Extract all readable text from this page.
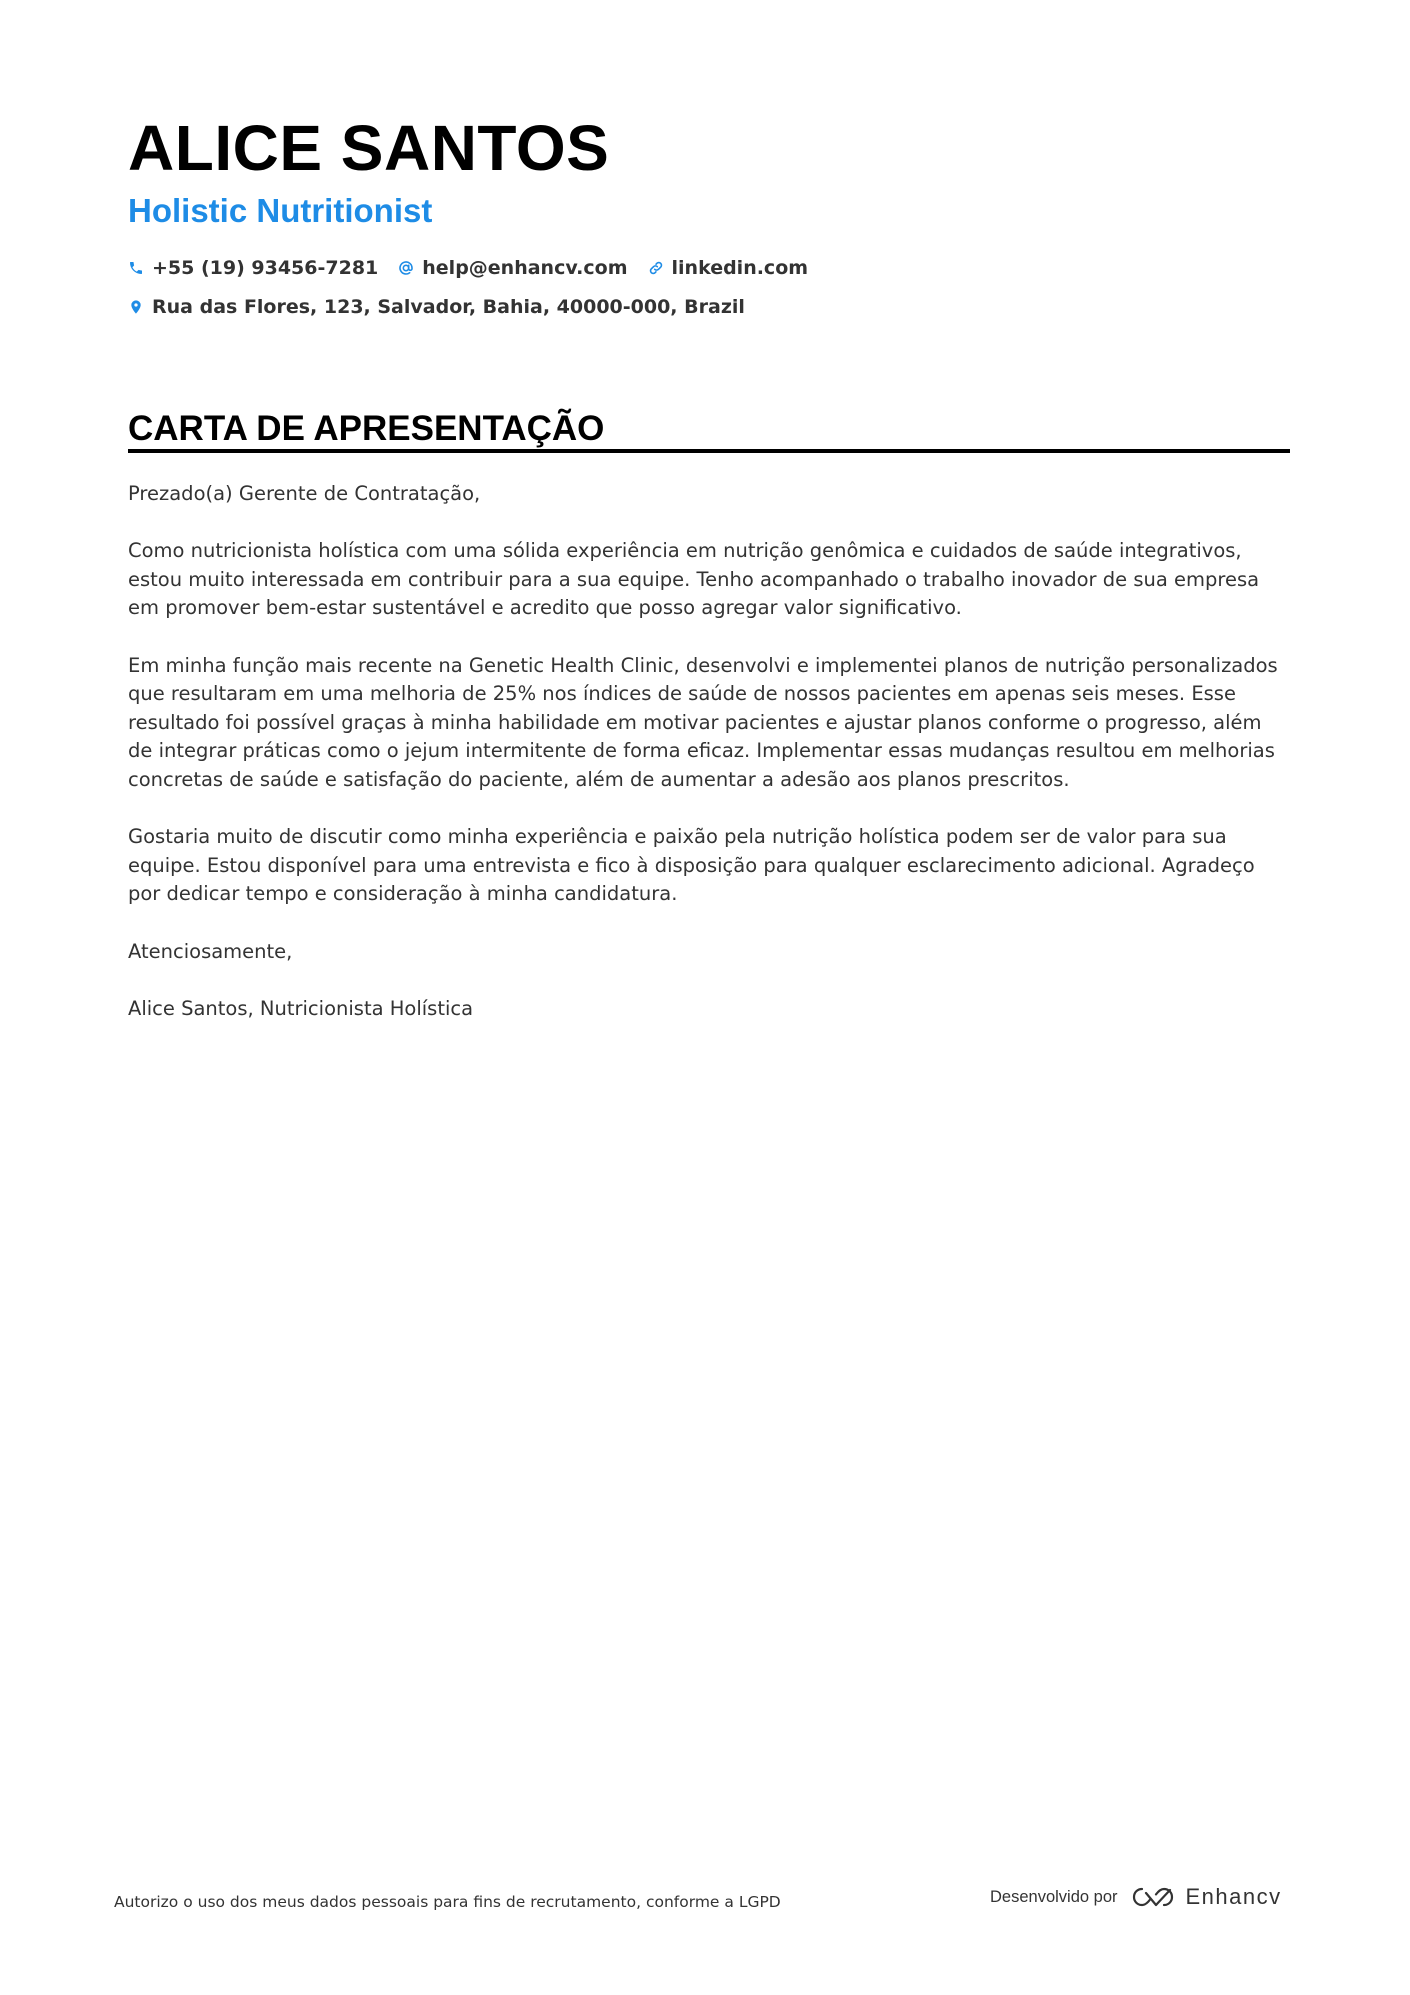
ALICE SANTOS
Holistic Nutritionist
+55 (19) 93456-7281 help@enhancv.com linkedin.com
Rua das Flores, 123, Salvador, Bahia, 40000-000, Brazil
CARTA DE APRESENTAÇÃO

Prezado(a) Gerente de Contratação,

Como nutricionista holística com uma sólida experiência em nutrição genômica e cuidados de saúde integrativos, estou muito interessada em contribuir para a sua equipe. Tenho acompanhado o trabalho inovador de sua empresa em promover bem-estar sustentável e acredito que posso agregar valor significativo.

Em minha função mais recente na Genetic Health Clinic, desenvolvi e implementei planos de nutrição personalizados que resultaram em uma melhoria de 25% nos índices de saúde de nossos pacientes em apenas seis meses. Esse resultado foi possível graças à minha habilidade em motivar pacientes e ajustar planos conforme o progresso, além de integrar práticas como o jejum intermitente de forma eficaz. Implementar essas mudanças resultou em melhorias concretas de saúde e satisfação do paciente, além de aumentar a adesão aos planos prescritos.

Gostaria muito de discutir como minha experiência e paixão pela nutrição holística podem ser de valor para sua equipe. Estou disponível para uma entrevista e fico à disposição para qualquer esclarecimento adicional. Agradeço por dedicar tempo e consideração à minha candidatura.

Atenciosamente,

Alice Santos, Nutricionista Holística

Autorizo o uso dos meus dados pessoais para fins de recrutamento, conforme a LGPD	Desenvolvido por	Enhancv
